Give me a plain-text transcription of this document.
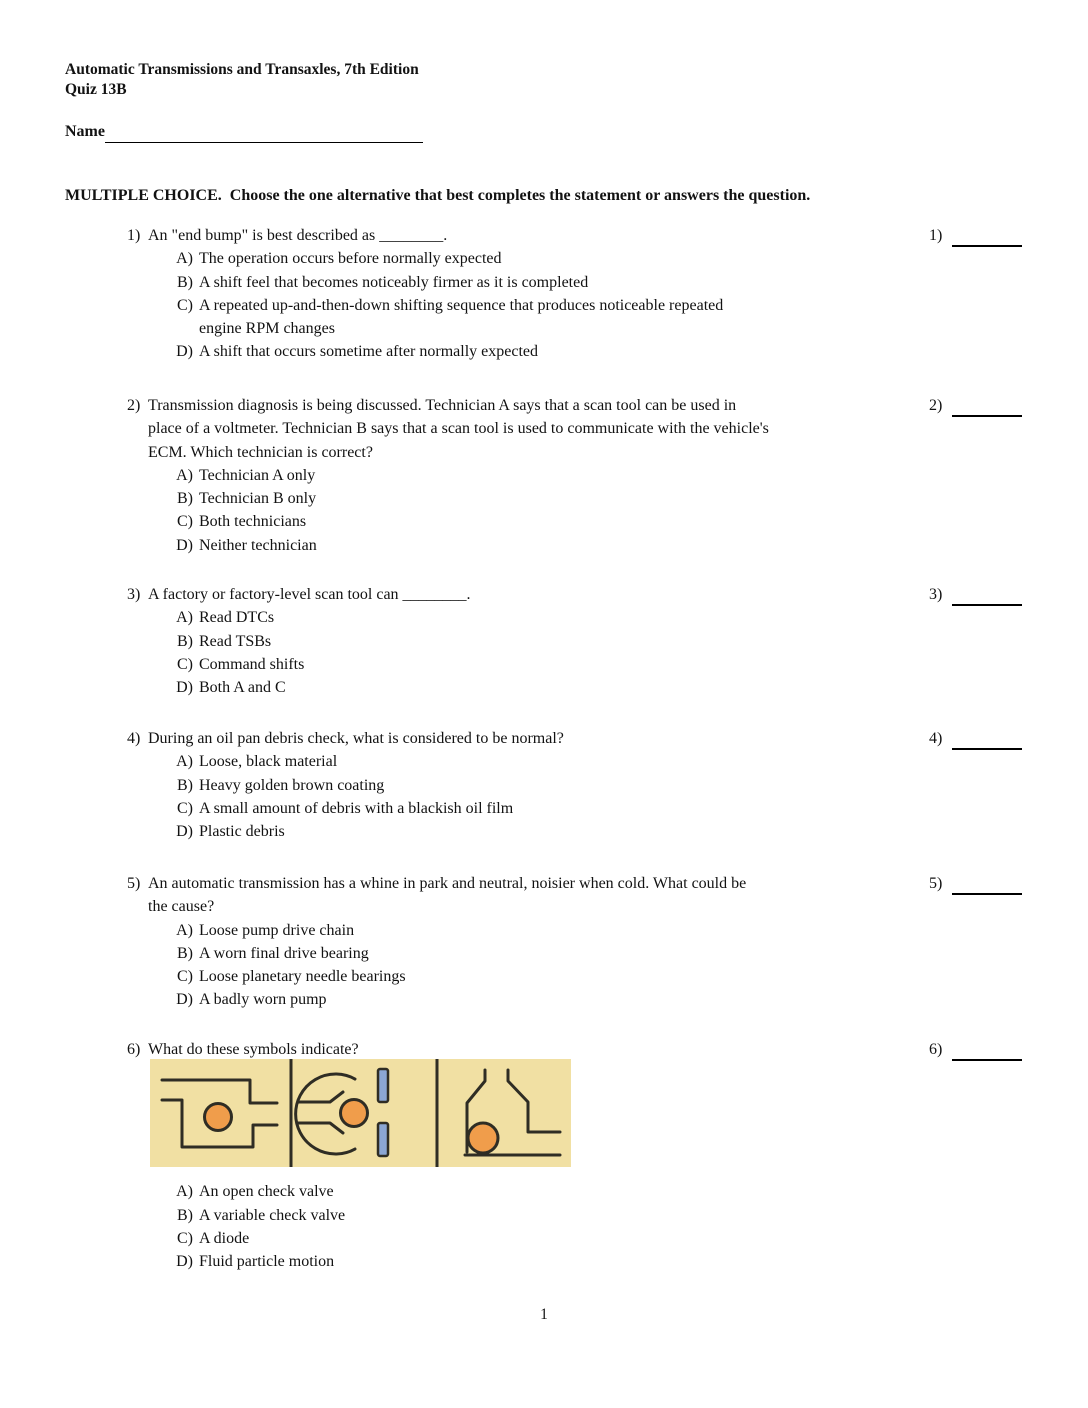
Automatic Transmissions and Transaxles, 7th Edition
Quiz 13B
Name
MULTIPLE CHOICE.  Choose the one alternative that best completes the statement or answers the question.
1) An "end bump" is best described as ________.
A) The operation occurs before normally expected
B) A shift feel that becomes noticeably firmer as it is completed
C) A repeated up-and-then-down shifting sequence that produces noticeable repeated
engine RPM changes
D) A shift that occurs sometime after normally expected
2) Transmission diagnosis is being discussed. Technician A says that a scan tool can be used in
place of a voltmeter. Technician B says that a scan tool is used to communicate with the vehicle's
ECM. Which technician is correct?
A) Technician A only
B) Technician B only
C) Both technicians
D) Neither technician
3) A factory or factory-level scan tool can ________.
A) Read DTCs
B) Read TSBs
C) Command shifts
D) Both A and C
4) During an oil pan debris check, what is considered to be normal?
A) Loose, black material
B) Heavy golden brown coating
C) A small amount of debris with a blackish oil film
D) Plastic debris
5) An automatic transmission has a whine in park and neutral, noisier when cold. What could be
the cause?
A) Loose pump drive chain
B) A worn final drive bearing
C) Loose planetary needle bearings
D) A badly worn pump
6) What do these symbols indicate?
A) An open check valve
B) A variable check valve
C) A diode
D) Fluid particle motion
1
1)
2)
3)
4)
5)
6)
